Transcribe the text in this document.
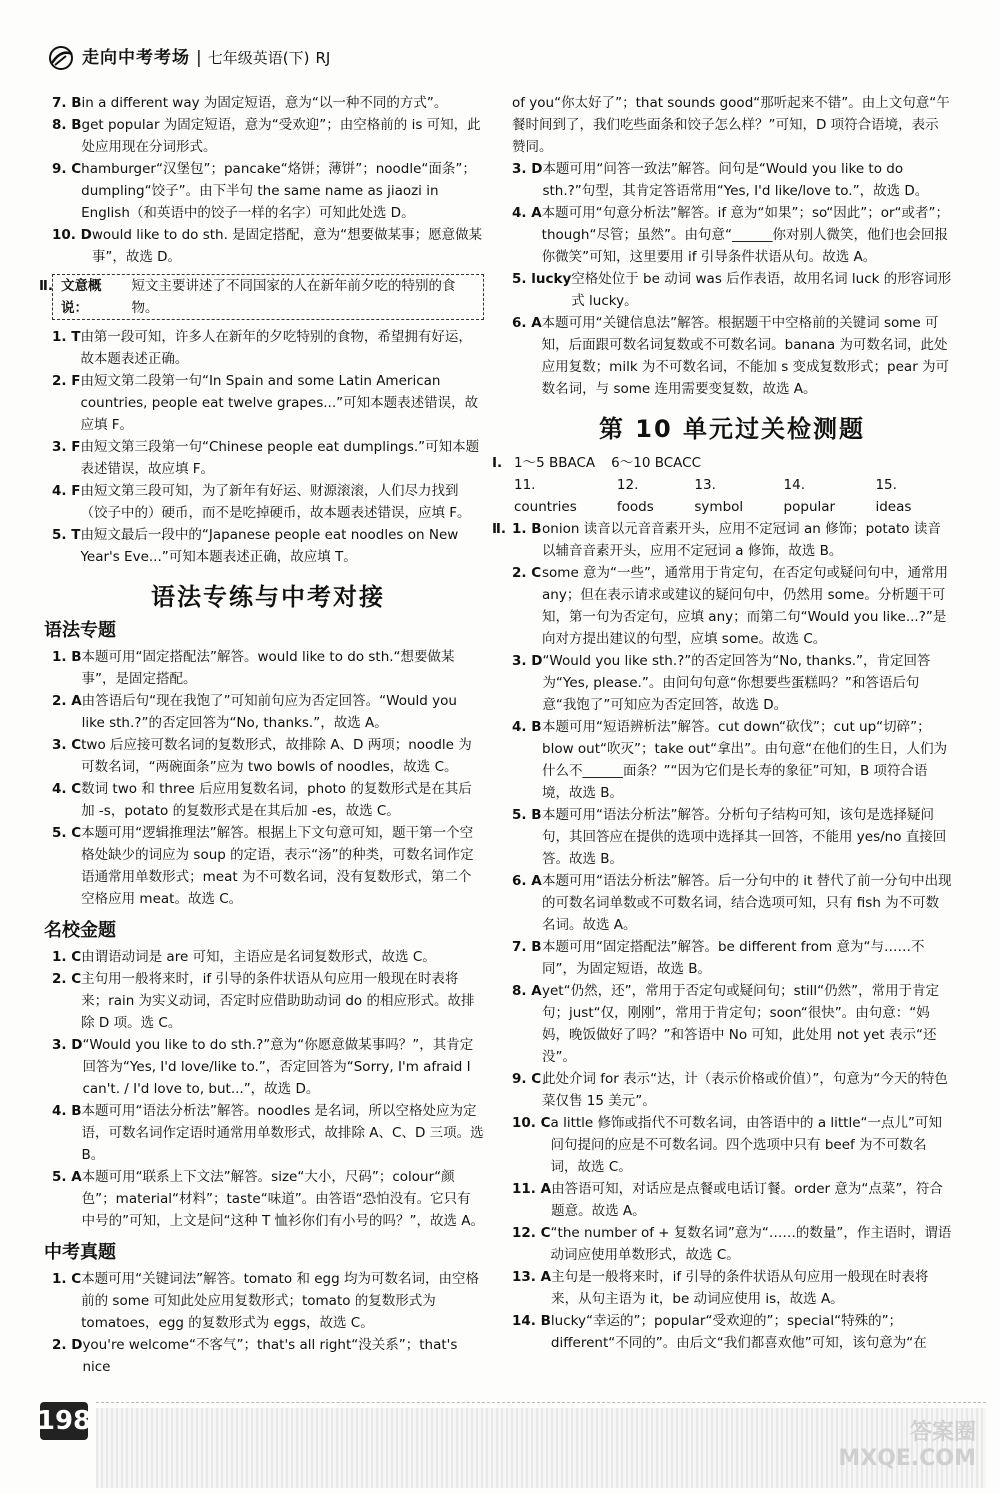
走向中考考场 | 七年级英语(下) RJ
7. B in a different way 为固定短语，意为“以一种不同的方式”。
8. B get popular 为固定短语，意为“受欢迎”；由空格前的 is 可知，此处应用现在分词形式。
9. C hamburger“汉堡包”；pancake“烙饼；薄饼”；noodle“面条”；dumpling“饺子”。由下半句 the same name as jiaozi in English（和英语中的饺子一样的名字）可知此处选 D。
10. D would like to do sth. 是固定搭配，意为“想要做某事；愿意做某事”，故选 D。
Ⅱ. 文意概说：
短文主要讲述了不同国家的人在新年前夕吃的特别的食物。
1. T 由第一段可知，许多人在新年的夕吃特别的食物，希望拥有好运，故本题表述正确。
2. F 由短文第二段第一句“In Spain and some Latin American countries, people eat twelve grapes...”可知本题表述错误，故应填 F。
3. F 由短文第三段第一句“Chinese people eat dumplings.”可知本题表述错误，故应填 F。
4. F 由短文第三段可知，为了新年有好运、财源滚滚，人们尽力找到（饺子中的）硬币，而不是吃掉硬币，故本题表述错误，应填 F。
5. T 由短文最后一段中的“Japanese people eat noodles on New Year's Eve...”可知本题表述正确，故应填 T。
语法专练与中考对接
语法专题
1. B 本题可用“固定搭配法”解答。would like to do sth.“想要做某事”，是固定搭配。
2. A 由答语后句“现在我饱了”可知前句应为否定回答。“Would you like sth.?”的否定回答为“No, thanks.”，故选 A。
3. C two 后应接可数名词的复数形式，故排除 A、D 两项；noodle 为可数名词，“两碗面条”应为 two bowls of noodles，故选 C。
4. C 数词 two 和 three 后应用复数名词，photo 的复数形式是在其后加 -s，potato 的复数形式是在其后加 -es，故选 C。
5. C 本题可用“逻辑推理法”解答。根据上下文句意可知，题干第一个空格处缺少的词应为 soup 的定语，表示“汤”的种类，可数名词作定语通常用单数形式；meat 为不可数名词，没有复数形式，第二个空格应用 meat。故选 C。
名校金题
1. C 由谓语动词是 are 可知，主语应是名词复数形式，故选 C。
2. C 主句用一般将来时，if 引导的条件状语从句应用一般现在时表将来；rain 为实义动词，否定时应借助助动词 do 的相应形式。故排除 D 项。选 C。
3. D “Would you like to do sth.?”意为“你愿意做某事吗？”，其肯定回答为“Yes, I'd love/like to.”，否定回答为“Sorry, I'm afraid I can't. / I'd love to, but...”，故选 D。
4. B 本题可用“语法分析法”解答。noodles 是名词，所以空格处应为定语，可数名词作定语时通常用单数形式，故排除 A、C、D 三项。选 B。
5. A 本题可用“联系上下文法”解答。size“大小，尺码”；colour“颜色”；material“材料”；taste“味道”。由答语“恐怕没有。它只有中号的”可知，上文是问“这种 T 恤衫你们有小号的吗？”，故选 A。
中考真题
1. C 本题可用“关键词法”解答。tomato 和 egg 均为可数名词，由空格前的 some 可知此处应用复数形式；tomato 的复数形式为 tomatoes，egg 的复数形式为 eggs，故选 C。
2. D you're welcome“不客气”；that's all right“没关系”；that's nice
of you“你太好了”；that sounds good“那听起来不错”。由上文句意“午餐时间到了，我们吃些面条和饺子怎么样？”可知，D 项符合语境，表示赞同。
3. D 本题可用“问答一致法”解答。问句是“Would you like to do sth.?”句型，其肯定答语常用“Yes, I'd like/love to.”，故选 D。
4. A 本题可用“句意分析法”解答。if 意为“如果”；so“因此”；or“或者”；though“尽管；虽然”。由句意“______你对别人微笑，他们也会回报你微笑”可知，这里要用 if 引导条件状语从句。故选 A。
5. lucky 空格处位于 be 动词 was 后作表语，故用名词 luck 的形容词形式 lucky。
6. A 本题可用“关键信息法”解答。根据题干中空格前的关键词 some 可知，后面跟可数名词复数或不可数名词。banana 为可数名词，此处应用复数；milk 为不可数名词，不能加 s 变成复数形式；pear 为可数名词，与 some 连用需要变复数，故选 A。
第 10 单元过关检测题
Ⅰ. 1～5 BBACA 6～10 BCACC
11. countries
12. foods
13. symbol
14. popular
15. ideas
Ⅱ. 1. B onion 读音以元音音素开头，应用不定冠词 an 修饰；potato 读音以辅音音素开头，应用不定冠词 a 修饰，故选 B。
2. C some 意为“一些”，通常用于肯定句，在否定句或疑问句中，通常用 any；但在表示请求或建议的疑问句中，仍然用 some。分析题干可知，第一句为否定句，应填 any；而第二句“Would you like...?”是向对方提出建议的句型，应填 some。故选 C。
3. D “Would you like sth.?”的否定回答为“No, thanks.”，肯定回答为“Yes, please.”。由问句句意“你想要些蛋糕吗？”和答语后句意“我饱了”可知应为否定回答，故选 D。
4. B 本题可用“短语辨析法”解答。cut down“砍伐”；cut up“切碎”；blow out“吹灭”；take out“拿出”。由句意“在他们的生日，人们为什么不______面条？”“因为它们是长寿的象征”可知，B 项符合语境，故选 B。
5. B 本题可用“语法分析法”解答。分析句子结构可知，该句是选择疑问句，其回答应在提供的选项中选择其一回答，不能用 yes/no 直接回答。故选 B。
6. A 本题可用“语法分析法”解答。后一分句中的 it 替代了前一分句中出现的可数名词单数或不可数名词，结合选项可知，只有 fish 为不可数名词。故选 A。
7. B 本题可用“固定搭配法”解答。be different from 意为“与……不同”，为固定短语，故选 B。
8. A yet“仍然，还”，常用于否定句或疑问句；still“仍然”，常用于肯定句；just“仅，刚刚”，常用于肯定句；soon“很快”。由句意：“妈妈，晚饭做好了吗？”和答语中 No 可知，此处用 not yet 表示“还没”。
9. C 此处介词 for 表示“达，计（表示价格或价值）”，句意为“今天的特色菜仅售 15 美元”。
10. C a little 修饰或指代不可数名词，由答语中的 a little“一点儿”可知问句提问的应是不可数名词。四个选项中只有 beef 为不可数名词，故选 C。
11. A 由答语可知，对话应是点餐或电话订餐。order 意为“点菜”，符合题意。故选 A。
12. C “the number of + 复数名词”意为“……的数量”，作主语时，谓语动词应使用单数形式，故选 C。
13. A 主句是一般将来时，if 引导的条件状语从句应用一般现在时表将来，从句主语为 it，be 动词应使用 is，故选 A。
14. B lucky“幸运的”；popular“受欢迎的”；special“特殊的”；different“不同的”。由后文“我们都喜欢他”可知，该句意为“在
198	答案圈
MXQE.COM
